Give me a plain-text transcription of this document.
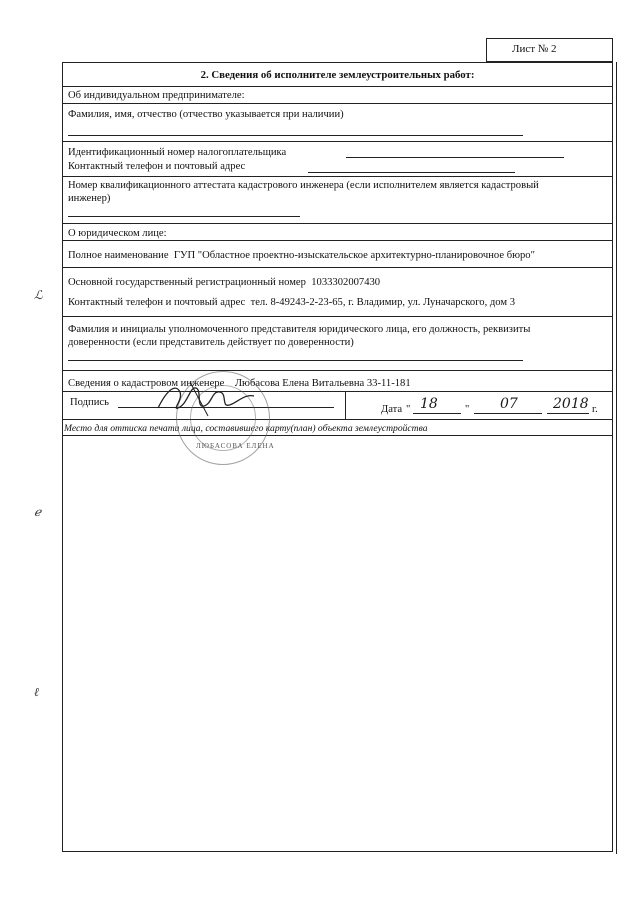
Лист № 2
2. Сведения об исполнителе землеустроительных работ:
Об индивидуальном предпринимателе:
Фамилия, имя, отчество (отчество указывается при наличии)
Идентификационный номер налогоплательщика
Контактный телефон и почтовый адрес
Номер квалификационного аттестата кадастрового инженера (если исполнителем является кадастровый
инженер)
О юридическом лице:
Полное наименование ГУП "Областное проектно-изыскательское архитектурно-планировочное бюро"
Основной государственный регистрационный номер 1033302007430
Контактный телефон и почтовый адрес тел. 8-49243-2-23-65, г. Владимир, ул. Луначарского, дом 3
Фамилия и инициалы уполномоченного представителя юридического лица, его должность, реквизиты
доверенности (если представитель действует по доверенности)
Сведения о кадастровом инженере Любасова Елена Витальевна 33-11-181
Подпись
Дата " 18	" 07	2018 г.
Место для оттиска печати лица, составившего карту(план) объекта землеустройства
ЛЮБАСОВА ЕЛЕНА
ℒ
ℯ
ℓ
